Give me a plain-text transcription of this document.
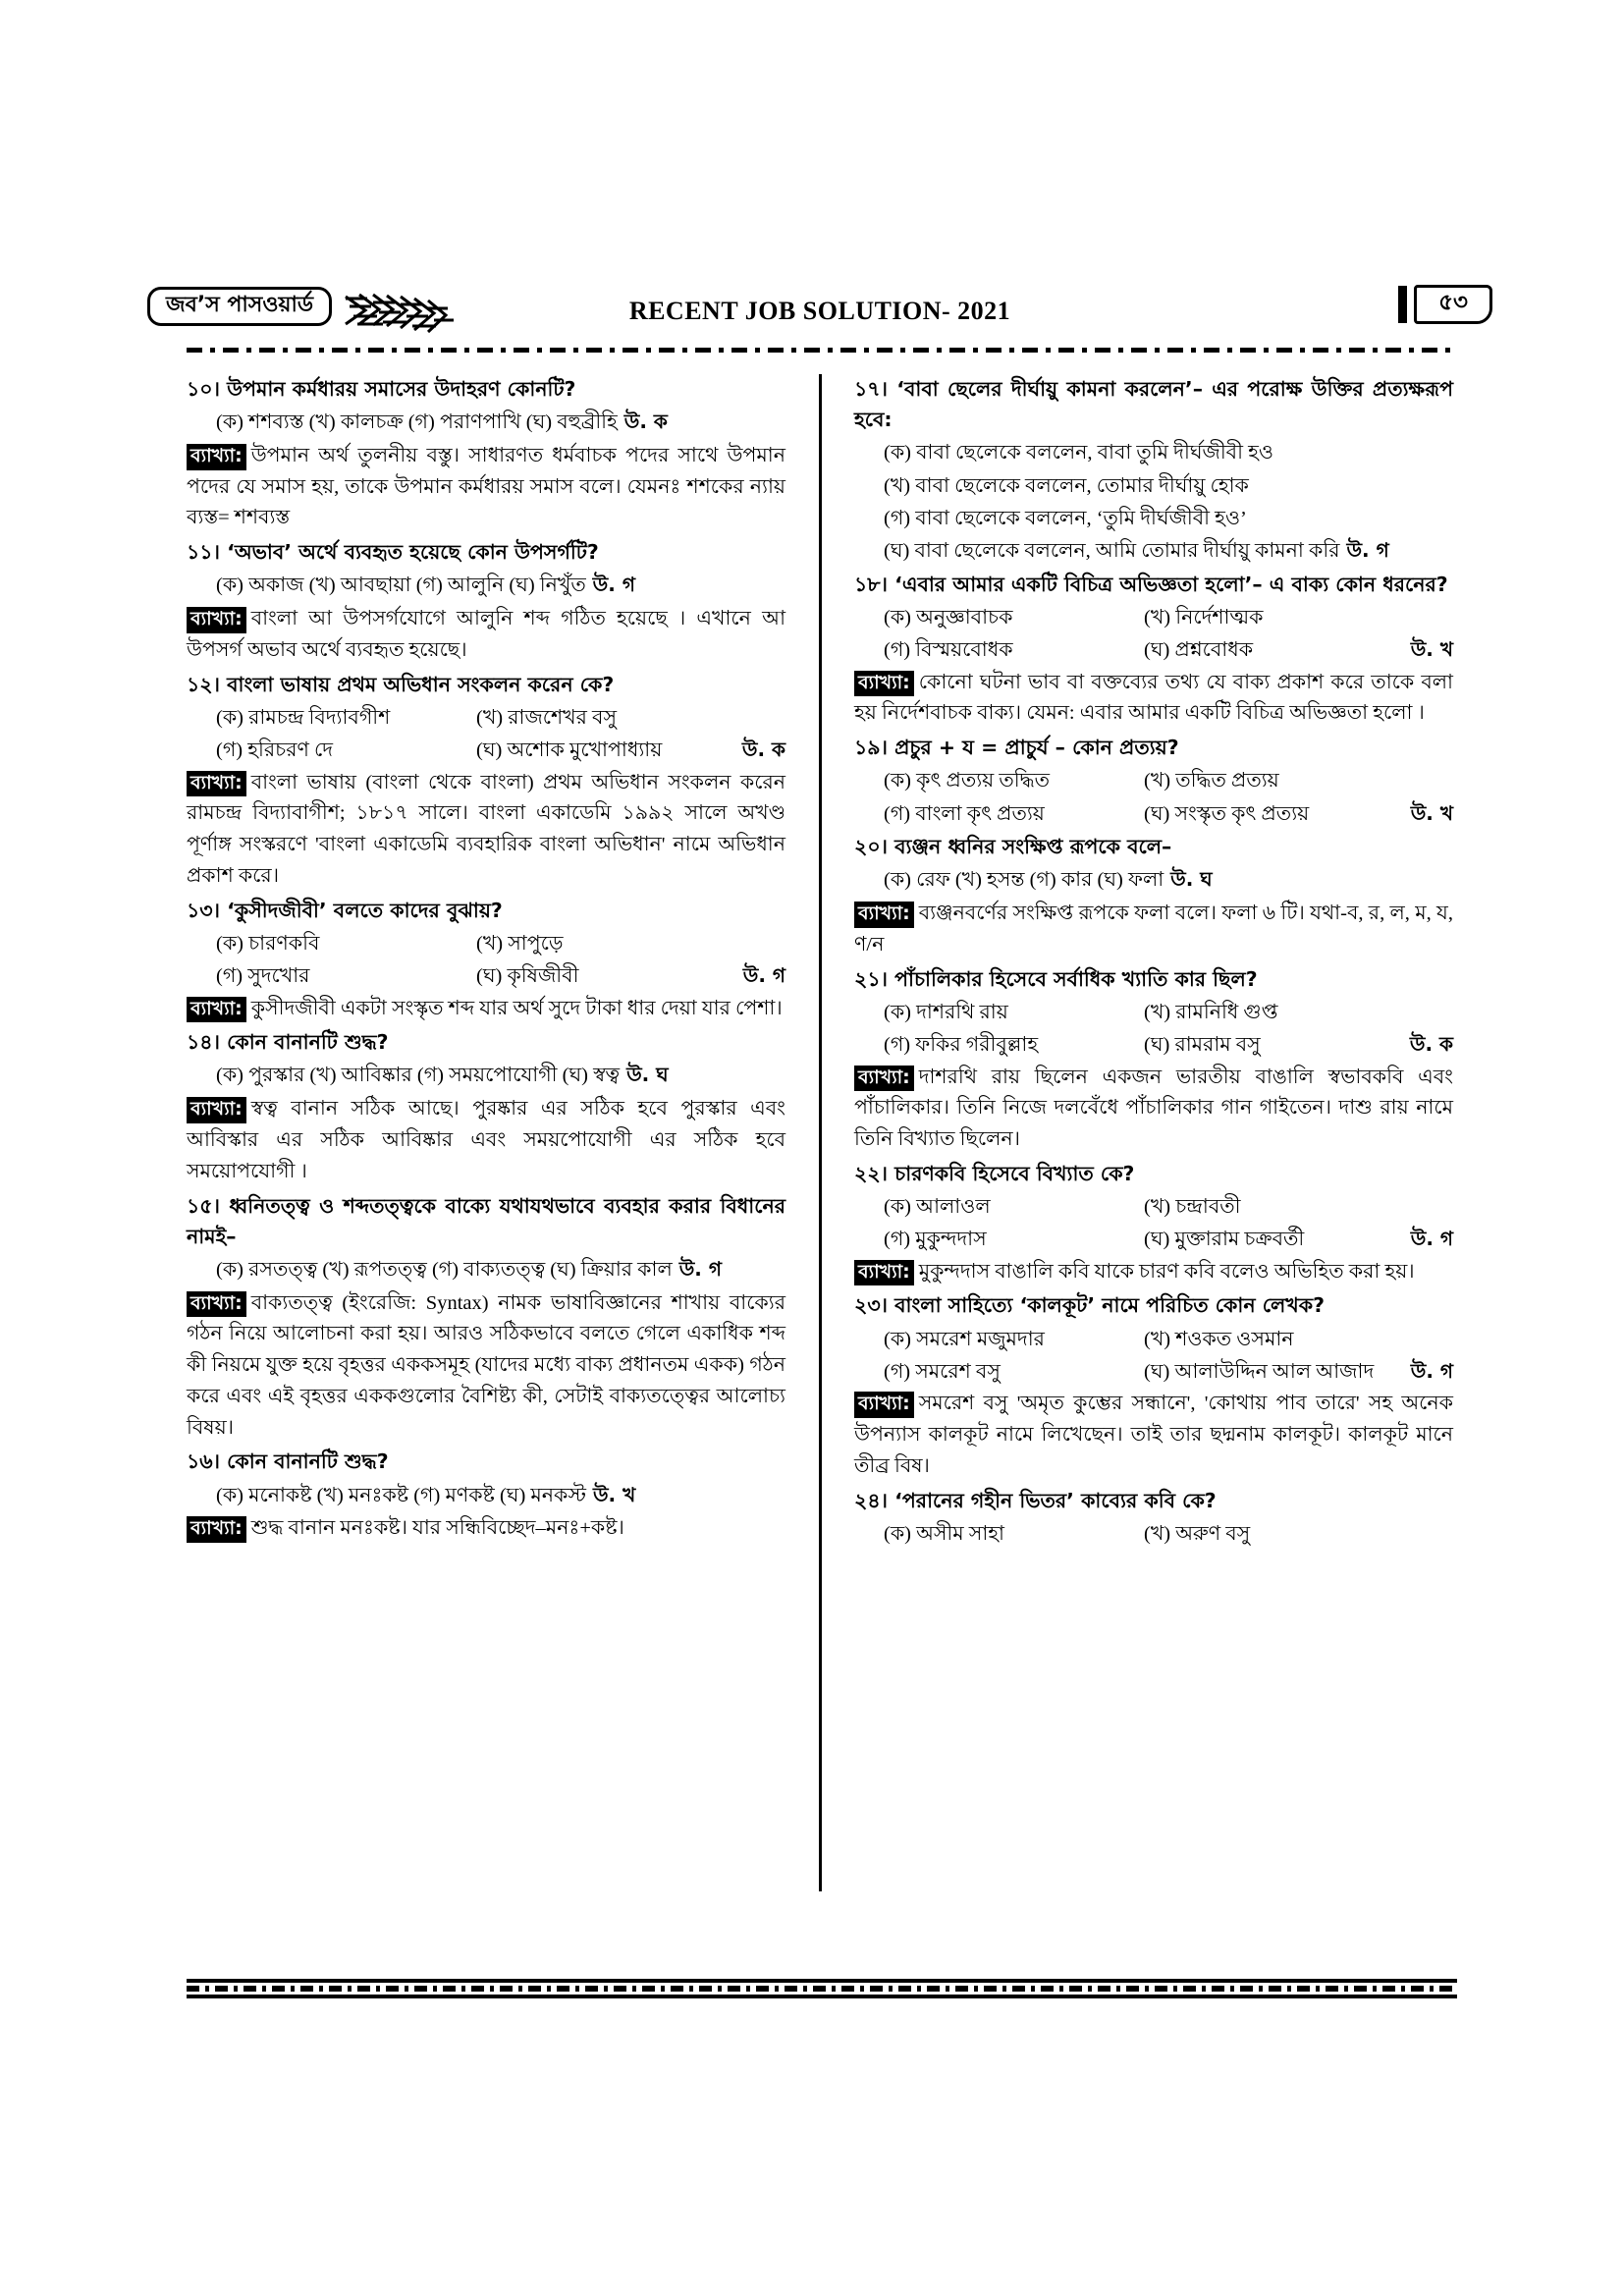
জব’স পাসওয়ার্ড	RECENT JOB SOLUTION- 2021	৫৩

১০। উপমান কর্মধারয় সমাসের উদাহরণ কোনটি?

(ক) শশব্যস্ত (খ) কালচক্র (গ) পরাণপাখি (ঘ) বহুব্রীহি উ. ক

ব্যাখ্যা: উপমান অর্থ তুলনীয় বস্তু। সাধারণত ধর্মবাচক পদের সাথে উপমান পদের যে সমাস হয়, তাকে উপমান কর্মধারয় সমাস বলে। যেমনঃ শশকের ন্যায় ব্যস্ত= শশব্যস্ত

১১। ‘অভাব’ অর্থে ব্যবহৃত হয়েছে কোন উপসর্গটি?

(ক) অকাজ (খ) আবছায়া (গ) আলুনি (ঘ) নিখুঁত উ. গ

ব্যাখ্যা: বাংলা আ উপসর্গযোগে আলুনি শব্দ গঠিত হয়েছে । এখানে আ উপসর্গ অভাব অর্থে ব্যবহৃত হয়েছে।

১২। বাংলা ভাষায় প্রথম অভিধান সংকলন করেন কে?

(ক) রামচন্দ্র বিদ্যাবগীশ	(খ) রাজশেখর বসু
(গ) হরিচরণ দে	(ঘ) অশোক মুখোপাধ্যায়	উ. ক

ব্যাখ্যা: বাংলা ভাষায় (বাংলা থেকে বাংলা) প্রথম অভিধান সংকলন করেন রামচন্দ্র বিদ্যাবাগীশ; ১৮১৭ সালে। বাংলা একাডেমি ১৯৯২ সালে অখণ্ড পূর্ণাঙ্গ সংস্করণে 'বাংলা একাডেমি ব্যবহারিক বাংলা অভিধান' নামে অভিধান প্রকাশ করে।

১৩। ‘কুসীদজীবী’ বলতে কাদের বুঝায়?

(ক) চারণকবি	(খ) সাপুড়ে
(গ) সুদখোর	(ঘ) কৃষিজীবী	উ. গ

ব্যাখ্যা: কুসীদজীবী একটা সংস্কৃত শব্দ যার অর্থ সুদে টাকা ধার দেয়া যার পেশা।

১৪। কোন বানানটি শুদ্ধ?

(ক) পুরস্কার (খ) আবিষ্কার (গ) সময়পোযোগী (ঘ) স্বত্ব উ. ঘ

ব্যাখ্যা: স্বত্ব বানান সঠিক আছে। পুরষ্কার এর সঠিক হবে পুরস্কার এবং আবিস্কার এর সঠিক আবিষ্কার এবং সময়পোযোগী এর সঠিক হবে সময়োপযোগী ।

১৫। ধ্বনিতত্ত্ব ও শব্দতত্ত্বকে বাক্যে যথাযথভাবে ব্যবহার করার বিধানের নামই–

(ক) রসতত্ত্ব (খ) রূপতত্ত্ব (গ) বাক্যতত্ত্ব (ঘ) ক্রিয়ার কাল উ. গ

ব্যাখ্যা: বাক্যতত্ত্ব (ইংরেজি: Syntax) নামক ভাষাবিজ্ঞানের শাখায় বাক্যের গঠন নিয়ে আলোচনা করা হয়। আরও সঠিকভাবে বলতে গেলে একাধিক শব্দ কী নিয়মে যুক্ত হয়ে বৃহত্তর এককসমূহ (যাদের মধ্যে বাক্য প্রধানতম একক) গঠন করে এবং এই বৃহত্তর এককগুলোর বৈশিষ্ট্য কী, সেটাই বাক্যতত্ত্বের আলোচ্য বিষয়।

১৬। কোন বানানটি শুদ্ধ?

(ক) মনোকষ্ট (খ) মনঃকষ্ট (গ) মণকষ্ট (ঘ) মনকস্ট উ. খ

ব্যাখ্যা: শুদ্ধ বানান মনঃকষ্ট। যার সন্ধিবিচ্ছেদ–মনঃ+কষ্ট।

১৭। ‘বাবা ছেলের দীর্ঘায়ু কামনা করলেন’– এর পরোক্ষ উক্তির প্রত্যক্ষরূপ হবে:

(ক) বাবা ছেলেকে বললেন, বাবা তুমি দীর্ঘজীবী হও
(খ) বাবা ছেলেকে বললেন, তোমার দীর্ঘায়ু হোক
(গ) বাবা ছেলেকে বললেন, ‘তুমি দীর্ঘজীবী হও’
(ঘ) বাবা ছেলেকে বললেন, আমি তোমার দীর্ঘায়ু কামনা করি উ. গ

১৮। ‘এবার আমার একটি বিচিত্র অভিজ্ঞতা হলো’– এ বাক্য কোন ধরনের?

(ক) অনুজ্ঞাবাচক	(খ) নির্দেশাত্মক
(গ) বিস্ময়বোধক	(ঘ) প্রশ্নবোধক	উ. খ

ব্যাখ্যা: কোনো ঘটনা ভাব বা বক্তব্যের তথ্য যে বাক্য প্রকাশ করে তাকে বলা হয় নির্দেশবাচক বাক্য। যেমন: এবার আমার একটি বিচিত্র অভিজ্ঞতা হলো ।

১৯। প্রচুর + য = প্রাচুর্য – কোন প্রত্যয়?

(ক) কৃৎ প্রত্যয় তদ্ধিত	(খ) তদ্ধিত প্রত্যয়
(গ) বাংলা কৃৎ প্রত্যয়	(ঘ) সংস্কৃত কৃৎ প্রত্যয়	উ. খ

২০। ব্যঞ্জন ধ্বনির সংক্ষিপ্ত রূপকে বলে–

(ক) রেফ (খ) হসন্ত (গ) কার (ঘ) ফলা উ. ঘ

ব্যাখ্যা: ব্যঞ্জনবর্ণের সংক্ষিপ্ত রূপকে ফলা বলে। ফলা ৬ টি। যথা-ব, র, ল, ম, য, ণ/ন

২১। পাঁচালিকার হিসেবে সর্বাধিক খ্যাতি কার ছিল?

(ক) দাশরথি রায়	(খ) রামনিধি গুপ্ত
(গ) ফকির গরীবুল্লাহ	(ঘ) রামরাম বসু	উ. ক

ব্যাখ্যা: দাশরথি রায় ছিলেন একজন ভারতীয় বাঙালি স্বভাবকবি এবং পাঁচালিকার। তিনি নিজে দলবেঁধে পাঁচালিকার গান গাইতেন। দাশু রায় নামে তিনি বিখ্যাত ছিলেন।

২২। চারণকবি হিসেবে বিখ্যাত কে?

(ক) আলাওল	(খ) চন্দ্রাবতী
(গ) মুকুন্দদাস	(ঘ) মুক্তারাম চক্রবর্তী	উ. গ

ব্যাখ্যা: মুকুন্দদাস বাঙালি কবি যাকে চারণ কবি বলেও অভিহিত করা হয়।

২৩। বাংলা সাহিত্যে ‘কালকূট’ নামে পরিচিত কোন লেখক?

(ক) সমরেশ মজুমদার	(খ) শওকত ওসমান
(গ) সমরেশ বসু	(ঘ) আলাউদ্দিন আল আজাদ উ. গ

ব্যাখ্যা: সমরেশ বসু 'অমৃত কুম্ভের সন্ধানে', 'কোথায় পাব তারে' সহ অনেক উপন্যাস কালকূট নামে লিখেছেন। তাই তার ছদ্মনাম কালকূট। কালকূট মানে তীব্র বিষ।

২৪। ‘পরানের গহীন ভিতর’ কাব্যের কবি কে?

(ক) অসীম সাহা	(খ) অরুণ বসু
